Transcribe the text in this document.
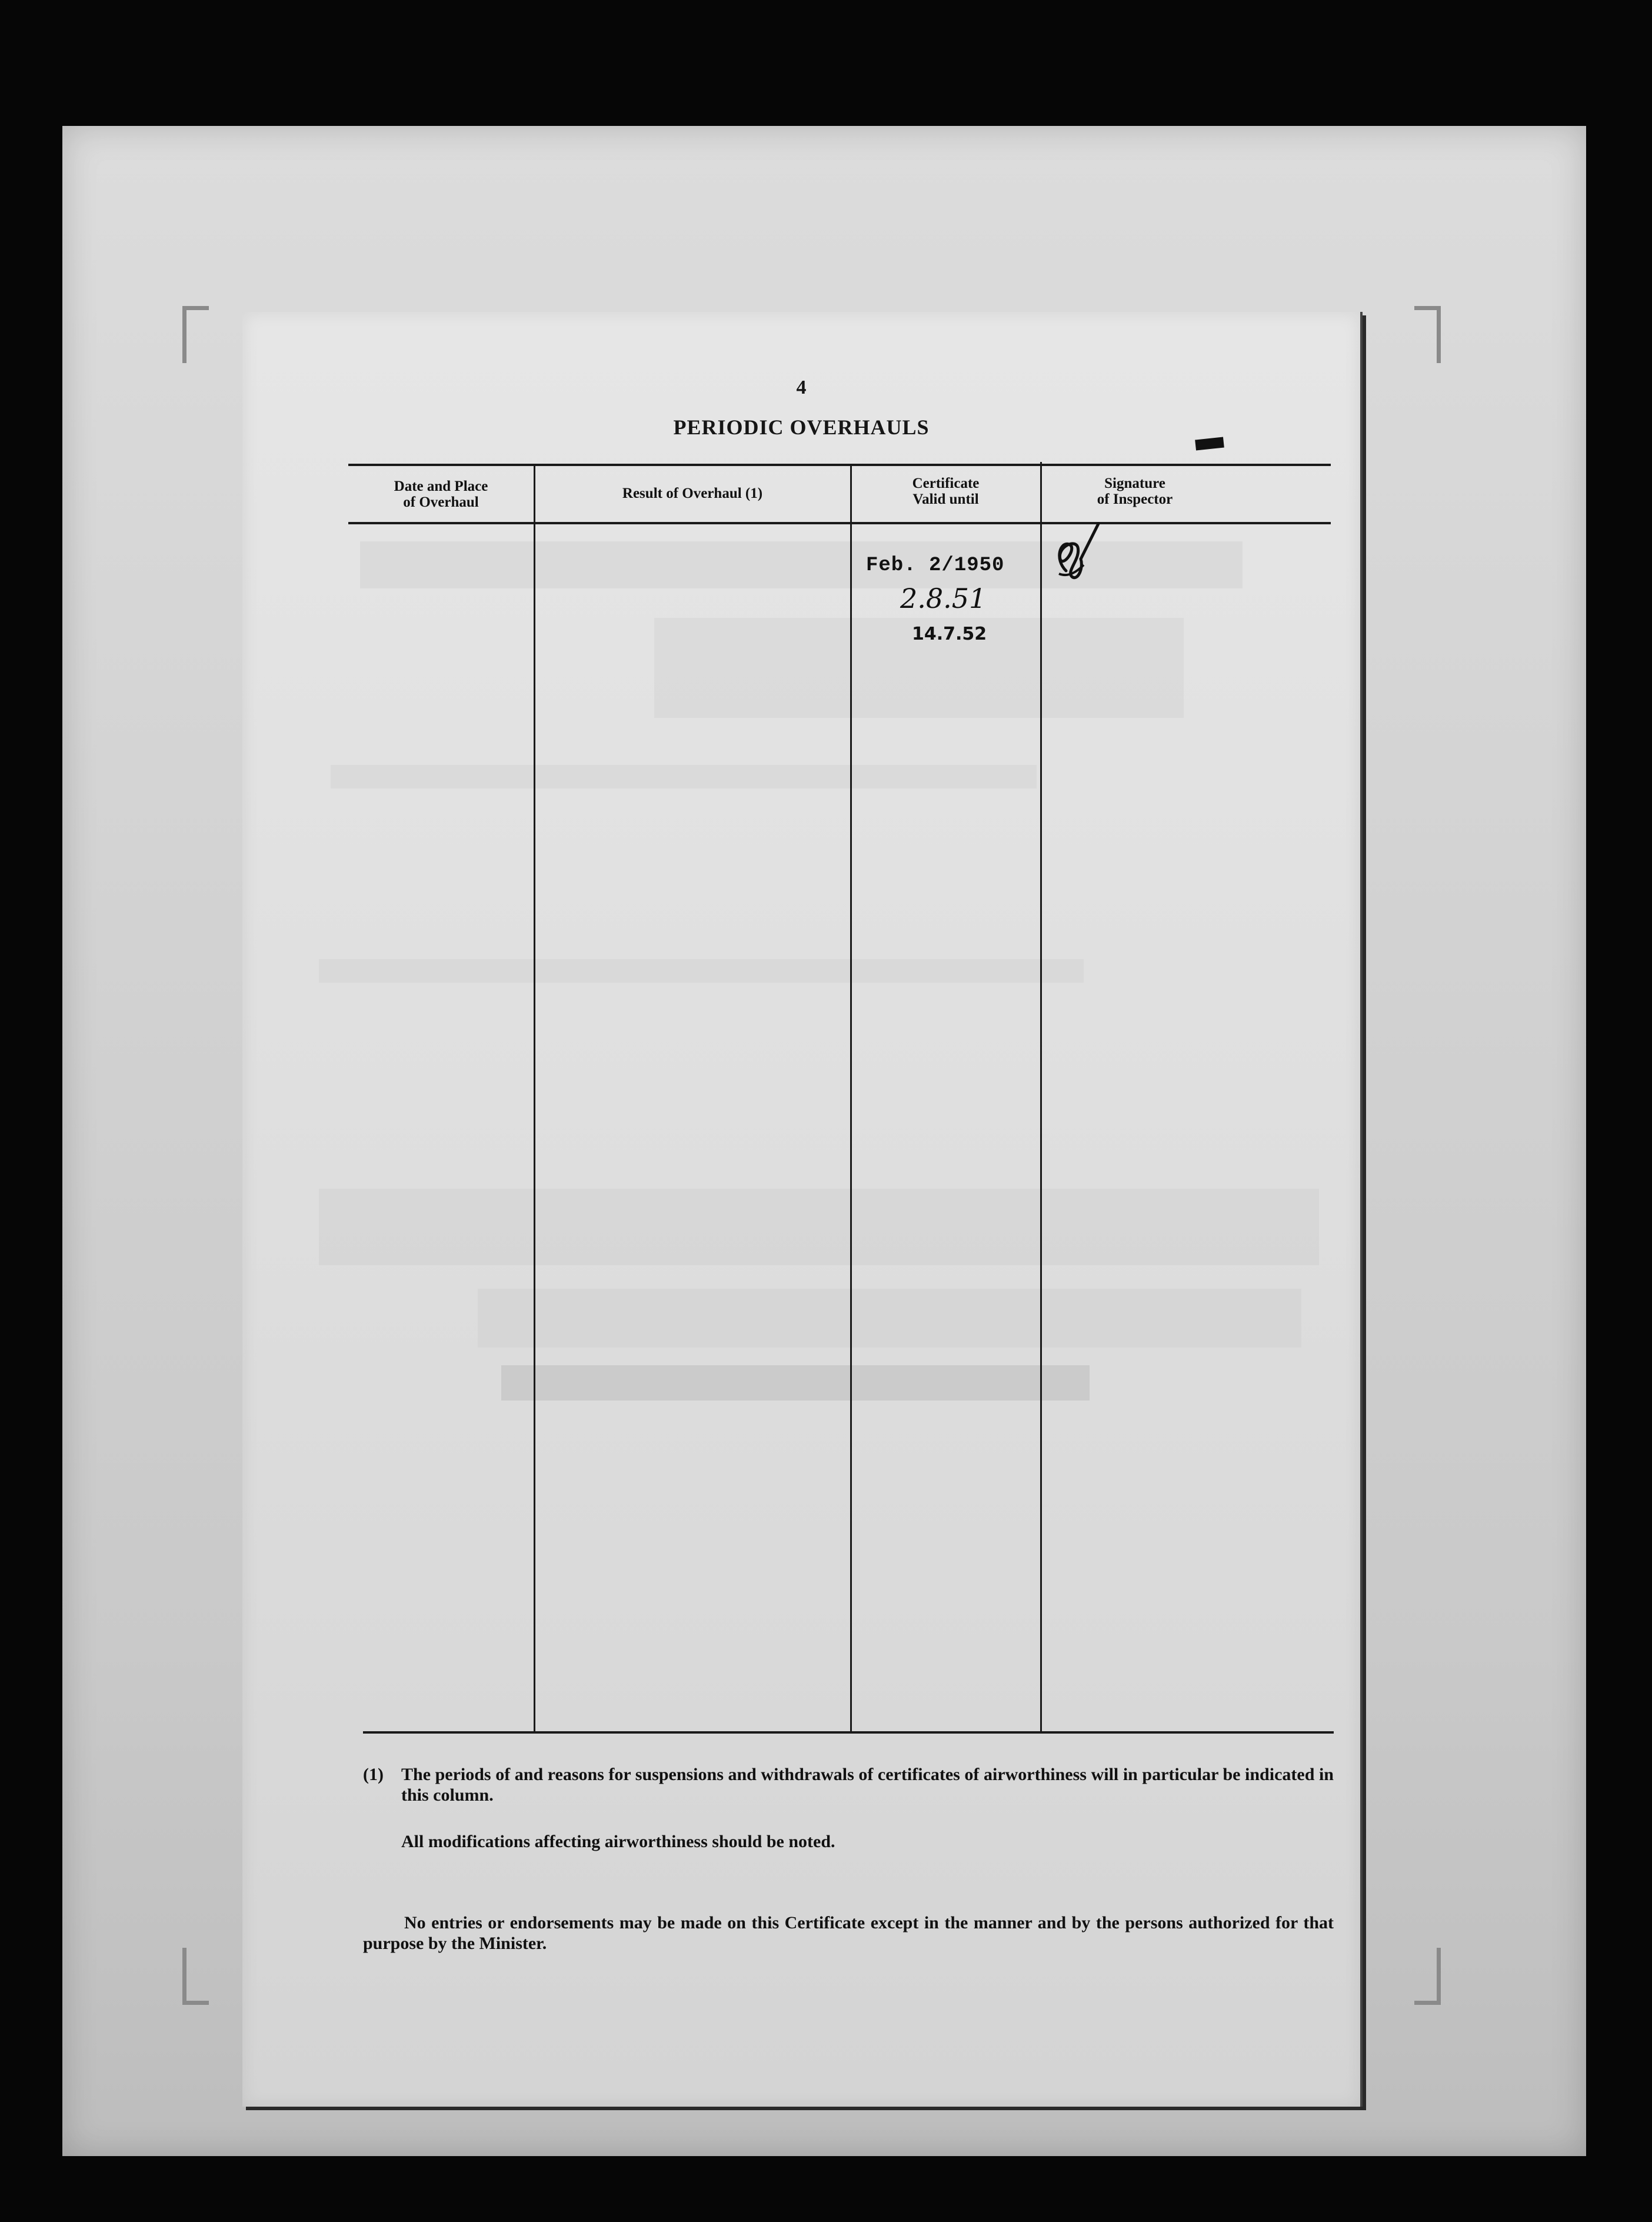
4
PERIODIC OVERHAULS
Date and Place
of Overhaul
Result of Overhaul (1)
Certificate
Valid until
Signature
of Inspector
Feb. 2/1950
2.8.51
14.7.52
(1) The periods of and reasons for suspensions and withdrawals of certificates of airworthiness will in particular be indicated in this column.
All modifications affecting airworthiness should be noted.
No entries or endorsements may be made on this Certificate except in the manner and by the persons authorized for that purpose by the Minister.
